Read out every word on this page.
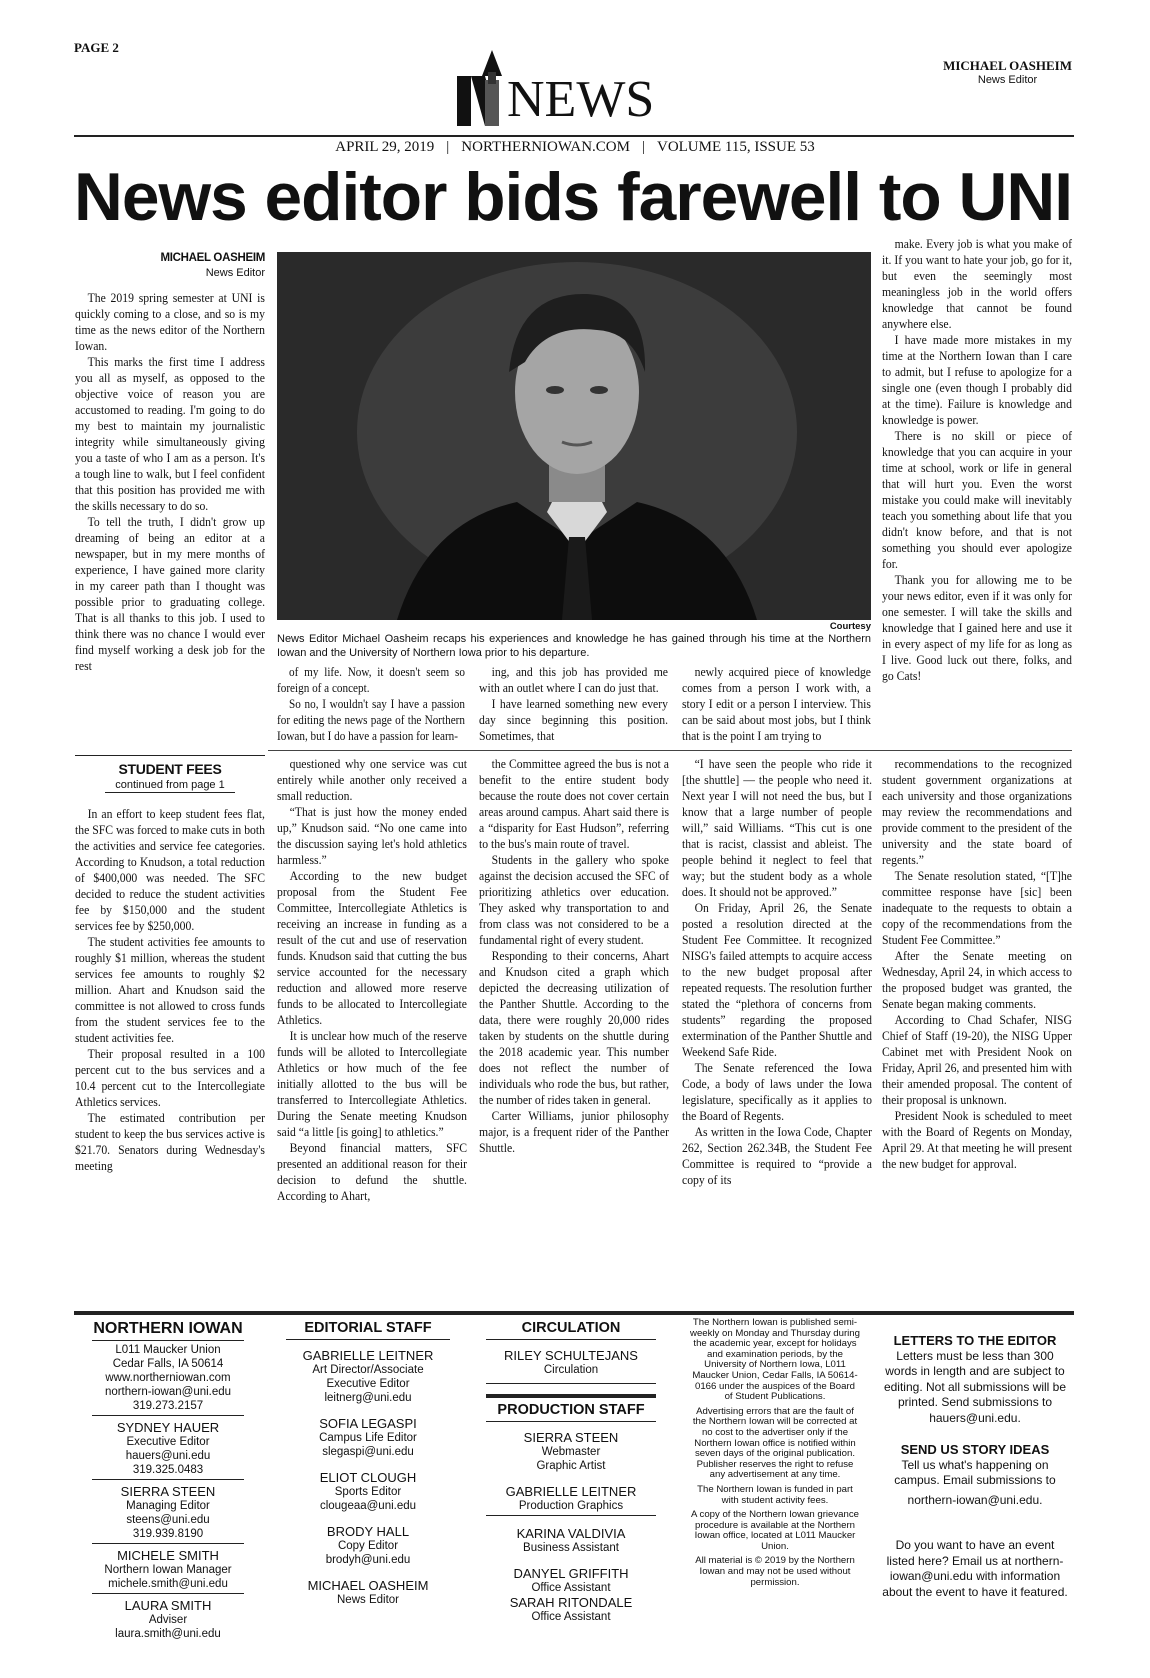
PAGE 2
NEWS
MICHAEL OASHEIM
News Editor
APRIL 29, 2019 | NORTHERNIOWAN.COM | VOLUME 115, ISSUE 53
News editor bids farewell to UNI
MICHAEL OASHEIM
News Editor

The 2019 spring semester at UNI is quickly coming to a close, and so is my time as the news editor of the Northern Iowan.

This marks the first time I address you all as myself, as opposed to the objective voice of reason you are accustomed to reading. I'm going to do my best to maintain my journalistic integrity while simultaneously giving you a taste of who I am as a person. It's a tough line to walk, but I feel confident that this position has provided me with the skills necessary to do so.

To tell the truth, I didn't grow up dreaming of being an editor at a newspaper, but in my mere months of experience, I have gained more clarity in my career path than I thought was possible prior to graduating college. That is all thanks to this job. I used to think there was no chance I would ever find myself working a desk job for the rest

Courtesy
News Editor Michael Oasheim recaps his experiences and knowledge he has gained through his time at the Northern Iowan and the University of Northern Iowa prior to his departure.

of my life. Now, it doesn't seem so foreign of a concept.

So no, I wouldn't say I have a passion for editing the news page of the Northern Iowan, but I do have a passion for learn-

ing, and this job has provided me with an outlet where I can do just that.

I have learned something new every day since beginning this position. Sometimes, that

newly acquired piece of knowledge comes from a person I work with, a story I edit or a person I interview. This can be said about most jobs, but I think that is the point I am trying to

make. Every job is what you make of it. If you want to hate your job, go for it, but even the seemingly most meaningless job in the world offers knowledge that cannot be found anywhere else.

I have made more mistakes in my time at the Northern Iowan than I care to admit, but I refuse to apologize for a single one (even though I probably did at the time). Failure is knowledge and knowledge is power.

There is no skill or piece of knowledge that you can acquire in your time at school, work or life in general that will hurt you. Even the worst mistake you could make will inevitably teach you something about life that you didn't know before, and that is not something you should ever apologize for.

Thank you for allowing me to be your news editor, even if it was only for one semester. I will take the skills and knowledge that I gained here and use it in every aspect of my life for as long as I live. Good luck out there, folks, and go Cats!

STUDENT FEES
continued from page 1

In an effort to keep student fees flat, the SFC was forced to make cuts in both the activities and service fee categories. According to Knudson, a total reduction of $400,000 was needed. The SFC decided to reduce the student activities fee by $150,000 and the student services fee by $250,000.

The student activities fee amounts to roughly $1 million, whereas the student services fee amounts to roughly $2 million. Ahart and Knudson said the committee is not allowed to cross funds from the student services fee to the student activities fee.

Their proposal resulted in a 100 percent cut to the bus services and a 10.4 percent cut to the Intercollegiate Athletics services.

The estimated contribution per student to keep the bus services active is $21.70. Senators during Wednesday's meeting

questioned why one service was cut entirely while another only received a small reduction.

“That is just how the money ended up,” Knudson said. “No one came into the discussion saying let's hold athletics harmless.”

According to the new budget proposal from the Student Fee Committee, Intercollegiate Athletics is receiving an increase in funding as a result of the cut and use of reservation funds. Knudson said that cutting the bus service accounted for the necessary reduction and allowed more reserve funds to be allocated to Intercollegiate Athletics.

It is unclear how much of the reserve funds will be alloted to Intercollegiate Athletics or how much of the fee initially allotted to the bus will be transferred to Intercollegiate Athletics. During the Senate meeting Knudson said “a little [is going] to athletics.”

Beyond financial matters, SFC presented an additional reason for their decision to defund the shuttle. According to Ahart,

the Committee agreed the bus is not a benefit to the entire student body because the route does not cover certain areas around campus. Ahart said there is a “disparity for East Hudson”, referring to the bus's main route of travel.

Students in the gallery who spoke against the decision accused the SFC of prioritizing athletics over education. They asked why transportation to and from class was not considered to be a fundamental right of every student.

Responding to their concerns, Ahart and Knudson cited a graph which depicted the decreasing utilization of the Panther Shuttle. According to the data, there were roughly 20,000 rides taken by students on the shuttle during the 2018 academic year. This number does not reflect the number of individuals who rode the bus, but rather, the number of rides taken in general.

Carter Williams, junior philosophy major, is a frequent rider of the Panther Shuttle.

“I have seen the people who ride it [the shuttle] — the people who need it. Next year I will not need the bus, but I know that a large number of people will,” said Williams. “This cut is one that is racist, classist and ableist. The people behind it neglect to feel that way; but the student body as a whole does. It should not be approved.”

On Friday, April 26, the Senate posted a resolution directed at the Student Fee Committee. It recognized NISG's failed attempts to acquire access to the new budget proposal after repeated requests. The resolution further stated the “plethora of concerns from students” regarding the proposed extermination of the Panther Shuttle and Weekend Safe Ride.

The Senate referenced the Iowa Code, a body of laws under the Iowa legislature, specifically as it applies to the Board of Regents.

As written in the Iowa Code, Chapter 262, Section 262.34B, the Student Fee Committee is required to “provide a copy of its

recommendations to the recognized student government organizations at each university and those organizations may review the recommendations and provide comment to the president of the university and the state board of regents.”

The Senate resolution stated, “[T]he committee response have [sic] been inadequate to the requests to obtain a copy of the recommendations from the Student Fee Committee.”

After the Senate meeting on Wednesday, April 24, in which access to the proposed budget was granted, the Senate began making comments.

According to Chad Schafer, NISG Chief of Staff (19-20), the NISG Upper Cabinet met with President Nook on Friday, April 26, and presented him with their amended proposal. The content of their proposal is unknown.

President Nook is scheduled to meet with the Board of Regents on Monday, April 29. At that meeting he will present the new budget for approval.

NORTHERN IOWAN
L011 Maucker Union
Cedar Falls, IA 50614
www.northerniowan.com
northern-iowan@uni.edu
319.273.2157
SYDNEY HAUER
Executive Editor
hauers@uni.edu
319.325.0483
SIERRA STEEN
Managing Editor
steens@uni.edu
319.939.8190
MICHELE SMITH
Northern Iowan Manager
michele.smith@uni.edu
LAURA SMITH
Adviser
laura.smith@uni.edu
EDITORIAL STAFF
GABRIELLE LEITNER
Art Director/Associate
Executive Editor
leitnerg@uni.edu
SOFIA LEGASPI
Campus Life Editor
slegaspi@uni.edu
ELIOT CLOUGH
Sports Editor
clougeaa@uni.edu
BRODY HALL
Copy Editor
brodyh@uni.edu
MICHAEL OASHEIM
News Editor
CIRCULATION
RILEY SCHULTEJANS
Circulation
PRODUCTION STAFF
SIERRA STEEN
Webmaster
Graphic Artist
GABRIELLE LEITNER
Production Graphics
KARINA VALDIVIA
Business Assistant
DANYEL GRIFFITH
Office Assistant
SARAH RITONDALE
Office Assistant

The Northern Iowan is published semi-weekly on Monday and Thursday during the academic year, except for holidays and examination periods, by the University of Northern Iowa, L011 Maucker Union, Cedar Falls, IA 50614-0166 under the auspices of the Board of Student Publications.

Advertising errors that are the fault of the Northern Iowan will be corrected at no cost to the advertiser only if the Northern Iowan office is notified within seven days of the original publication. Publisher reserves the right to refuse any advertisement at any time.

The Northern Iowan is funded in part with student activity fees.

A copy of the Northern Iowan grievance procedure is available at the Northern Iowan office, located at L011 Maucker Union.

All material is © 2019 by the Northern Iowan and may not be used without permission.

LETTERS TO THE EDITOR
Letters must be less than 300 words in length and are subject to editing. Not all submissions will be printed. Send submissions to hauers@uni.edu.
SEND US STORY IDEAS
Tell us what's happening on campus. Email submissions to
northern-iowan@uni.edu.
Do you want to have an event listed here? Email us at northern-iowan@uni.edu with information about the event to have it featured.
